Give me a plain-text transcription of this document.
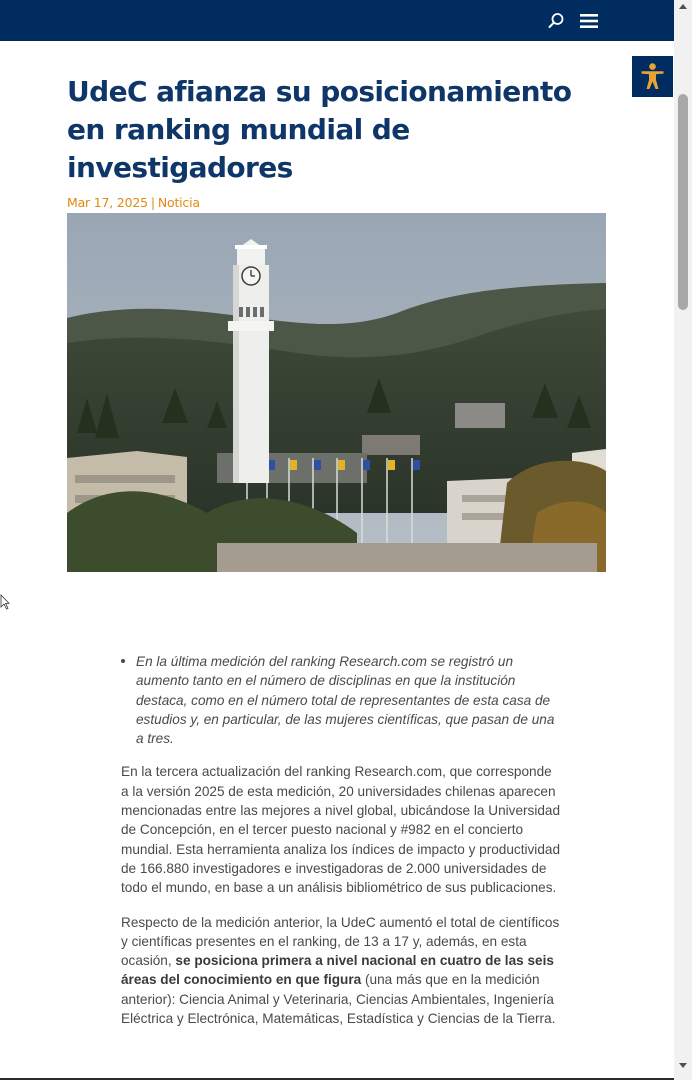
UdeC afianza su posicionamiento en ranking mundial de investigadores
Mar 17, 2025 | Noticia

En la última medición del ranking Research.com se registró un aumento tanto en el número de disciplinas en que la institución destaca, como en el número total de representantes de esta casa de estudios y, en particular, de las mujeres científicas, que pasan de una a tres.

En la tercera actualización del ranking Research.com, que corresponde a la versión 2025 de esta medición, 20 universidades chilenas aparecen mencionadas entre las mejores a nivel global, ubicándose la Universidad de Concepción, en el tercer puesto nacional y #982 en el concierto mundial. Esta herramienta analiza los índices de impacto y productividad de 166.880 investigadores e investigadoras de 2.000 universidades de todo el mundo, en base a un análisis bibliométrico de sus publicaciones.

Respecto de la medición anterior, la UdeC aumentó el total de científicos y científicas presentes en el ranking, de 13 a 17 y, además, en esta ocasión, se posiciona primera a nivel nacional en cuatro de las seis áreas del conocimiento en que figura (una más que en la medición anterior): Ciencia Animal y Veterinaria, Ciencias Ambientales, Ingeniería Eléctrica y Electrónica, Matemáticas, Estadística y Ciencias de la Tierra.
